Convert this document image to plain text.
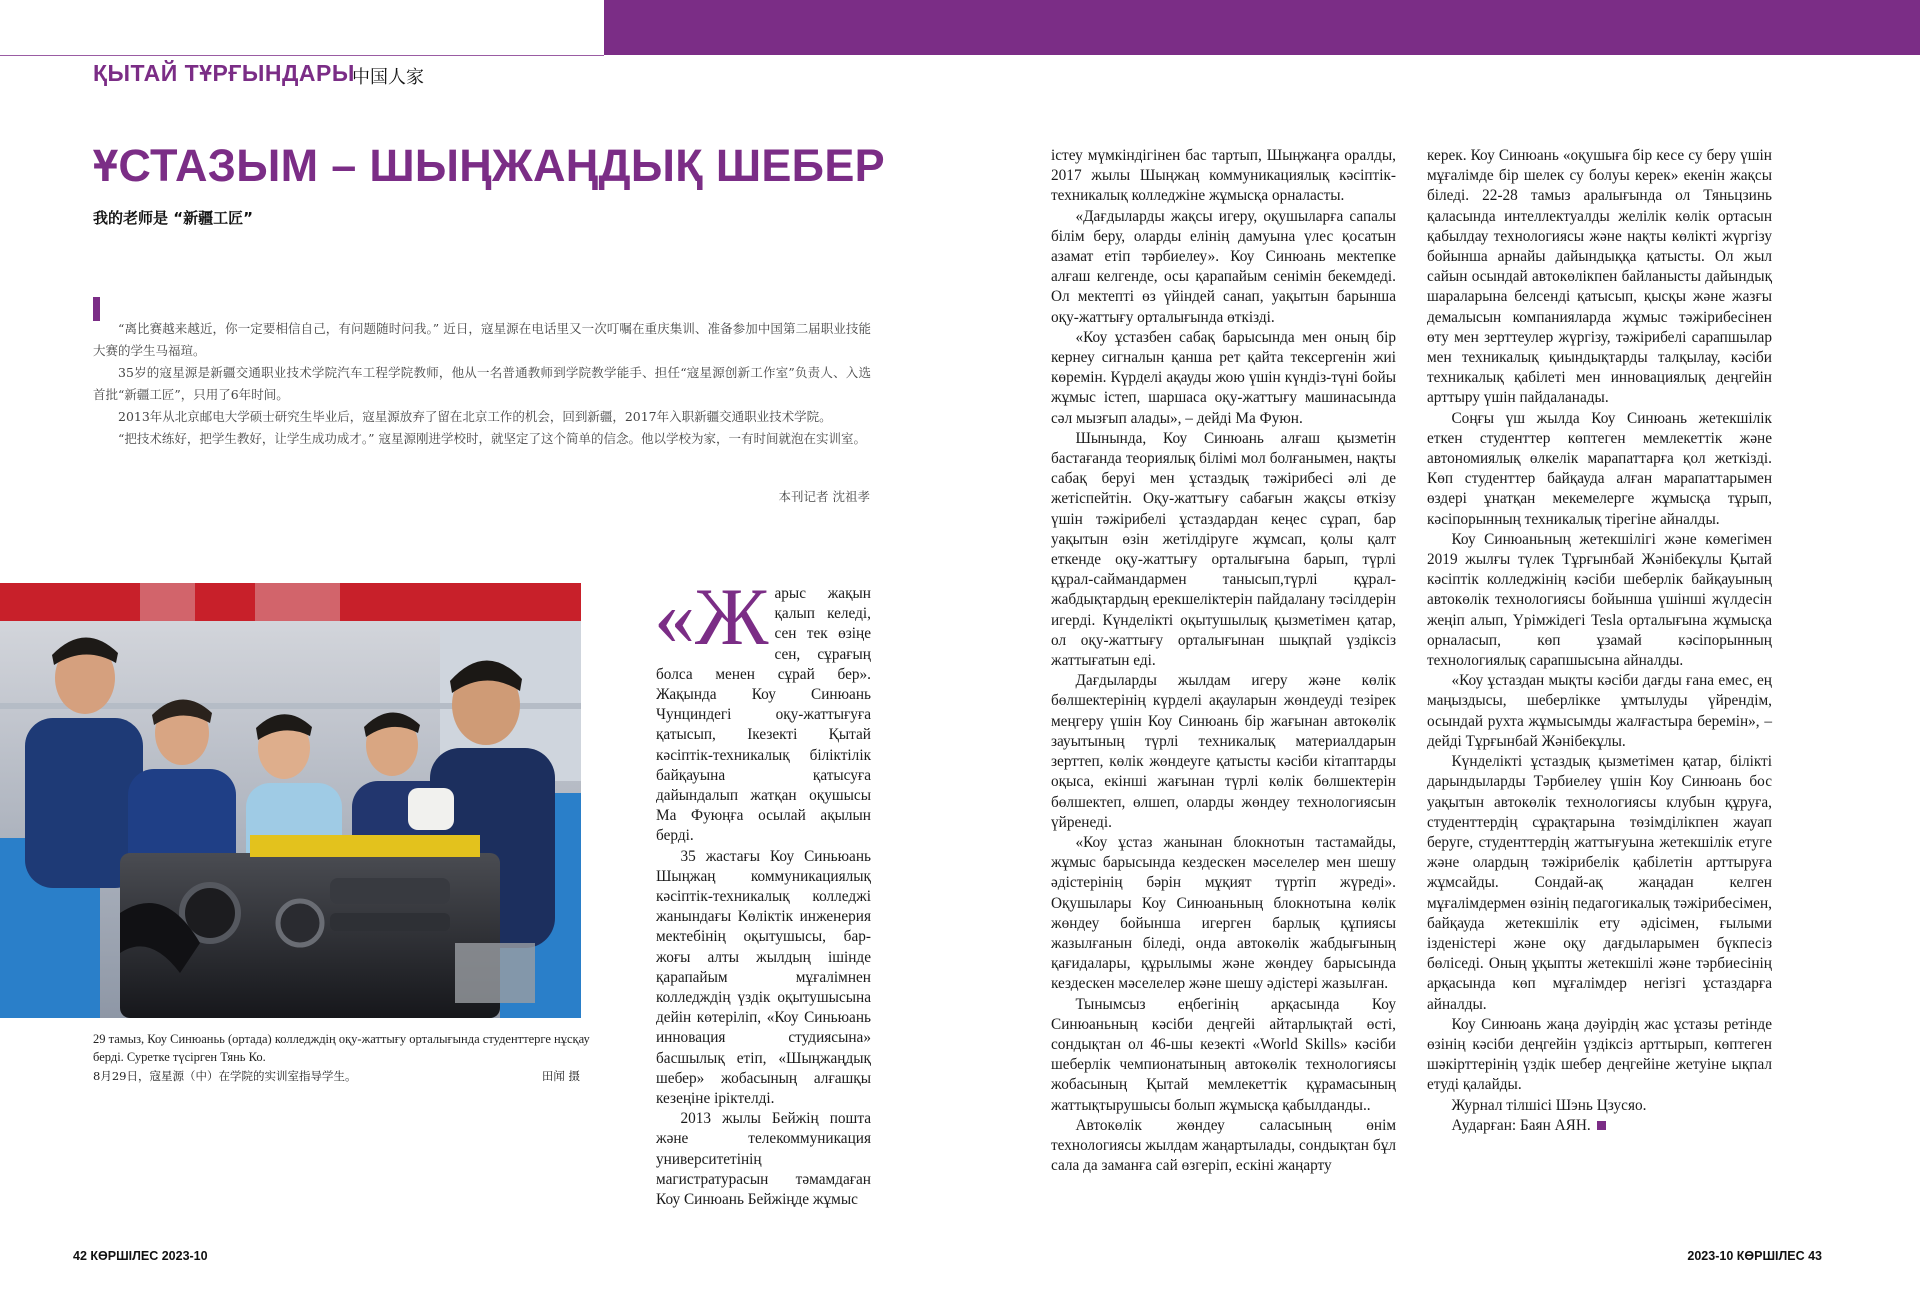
ҚЫТАЙ ТҰРҒЫНДАРЫ
中国人家
ҰСТАЗЫМ – ШЫҢЖАҢДЫҚ ШЕБЕР
我的老师是 “新疆工匠”

“离比赛越来越近，你一定要相信自己，有问题随时问我。” 近日，寇星源在电话里又一次叮嘱在重庆集训、准备参加中国第二届职业技能大赛的学生马福瑄。

35岁的寇星源是新疆交通职业技术学院汽车工程学院教师，他从一名普通教师到学院教学能手、担任“寇星源创新工作室”负责人、入选首批“新疆工匠”，只用了6年时间。

2013年从北京邮电大学硕士研究生毕业后，寇星源放弃了留在北京工作的机会，回到新疆，2017年入职新疆交通职业技术学院。

“把技术练好，把学生教好，让学生成功成才。” 寇星源刚进学校时，就坚定了这个简单的信念。他以学校为家，一有时间就泡在实训室。

本刊记者 沈祖孝
29 тамыз, Коу Синюаньь (ортада) колледждің оқу-жаттығу орталығында студенттерге нұсқау берді. Суретке түсірген Тянь Ко.
8月29日，寇星源（中）在学院的实训室指导学生。	田闻 摄
«Ж арыс жақын қалып келеді, сен тек өзіңе сен, сұрағың болса менен сұрай бер». Жақында Коу Синюань Чунциндегі оқу-жаттығуға қатысып, Ікезекті Қытай кәсіптік-техникалық біліктілік байқауына қатысуға дайындалып жатқан оқушысы Ма Фуюңға осылай ақылын берді.

35 жастағы Коу Синьюань Шыңжаң коммуникациялық кәсіптік-техникалық колледжі жанындағы Көліктік инженерия мектебінің оқытушысы, бар-жоғы алты жылдың ішінде қарапайым мұғалімнен колледждің үздік оқытушысына дейін көтеріліп, «Коу Синьюань инновация студиясына» басшылық етіп, «Шыңжаңдық шебер» жобасының алғашқы кезеңіне іріктелді.

2013 жылы Бейжің пошта және телекоммуникация университетінің магистратурасын тәмамдаған Коу Синюань Бейжіңде жұмыс

істеу мүмкіндігінен бас тартып, Шыңжаңға оралды, 2017 жылы Шыңжаң коммуникациялық кәсіптік-техникалық колледжіне жұмысқа орналасты.

«Дағдыларды жақсы игеру, оқушыларға сапалы білім беру, оларды елінің дамуына үлес қосатын азамат етіп тәрбиелеу». Коу Синюань мектепке алғаш келгенде, осы қарапайым сенімін бекемдеді. Ол мектепті өз үйіндей санап, уақытын барынша оқу-жаттығу орталығында өткізді.

«Коу ұстазбен сабақ барысында мен оның бір кернеу сигналын қанша рет қайта тексергенін жиі көремін. Күрделі ақауды жою үшін күндіз-түні бойы жұмыс істеп, шаршаса оқу-жаттығу машинасында сәл мызғып алады», – дейді Ма Фуюн.

Шынында, Коу Синюань алғаш қызметін бастағанда теориялық білімі мол болғанымен, нақты сабақ беруі мен ұстаздық тәжірибесі әлі де жетіспейтін. Оқу-жаттығу сабағын жақсы өткізу үшін тәжірибелі ұстаздардан кеңес сұрап, бар уақытын өзін жетілдіруге жұмсап, қолы қалт еткенде оқу-жаттығу орталығына барып, түрлі құрал-саймандармен танысып,түрлі құрал-жабдықтардың ерекшеліктерін пайдалану тәсілдерін игерді. Күнделікті оқытушылық қызметімен қатар, ол оқу-жаттығу орталығынан шықпай үздіксіз жаттығатын еді.

Дағдыларды жылдам игеру және көлік бөлшектерінің күрделі ақауларын жөндеуді тезірек меңгеру үшін Коу Синюань бір жағынан автокөлік зауытының түрлі техникалық материалдарын зерттеп, көлік жөндеуге қатысты кәсіби кітаптарды оқыса, екінші жағынан түрлі көлік бөлшектерін бөлшектеп, өлшеп, оларды жөндеу технологиясын үйренеді.

«Коу ұстаз жанынан блокнотын тастамайды, жұмыс барысында кездескен мәселелер мен шешу әдістерінің бәрін мұқият түртіп жүреді». Оқушылары Коу Синюаньның блокнотына көлік жөндеу бойынша игерген барлық құпиясы жазылғанын біледі, онда автокөлік жабдығының қағидалары, құрылымы және жөндеу барысында кездескен мәселелер және шешу әдістері жазылған.

Тынымсыз еңбегінің арқасында Коу Синюаньның кәсіби деңгейі айтарлықтай өсті, сондықтан ол 46-шы кезекті «World Skills» кәсіби шеберлік чемпионатының автокөлік технологиясы жобасының Қытай мемлекеттік құрамасының жаттықтырушысы болып жұмысқа қабылданды..

Автокөлік жөндеу саласының өнім технологиясы жылдам жаңартылады, сондықтан бұл сала да заманға сай өзгеріп, ескіні жаңарту

керек. Коу Синюань «оқушыға бір кесе су беру үшін мұғалімде бір шелек су болуы керек» екенін жақсы біледі. 22-28 тамыз аралығында ол Тяньцзинь қаласында интеллектуалды желілік көлік ортасын қабылдау технологиясы және нақты көлікті жүргізу бойынша арнайы дайындыққа қатысты. Ол жыл сайын осындай автокөлікпен байланысты дайындық шараларына белсенді қатысып, қысқы және жазғы демалысын компанияларда жұмыс тәжірибесінен өту мен зерттеулер жүргізу, тәжірибелі сарапшылар мен техникалық қиындықтарды талқылау, кәсіби техникалық қабілеті мен инновациялық деңгейін арттыру үшін пайдаланады.

Соңғы үш жылда Коу Синюань жетекшілік еткен студенттер көптеген мемлекеттік және автономиялық өлкелік марапаттарға қол жеткізді. Көп студенттер байқауда алған марапаттарымен өздері ұнатқан мекемелерге жұмысқа тұрып, кәсіпорынның техникалық тірегіне айналды.

Коу Синюаньның жетекшілігі және көмегімен 2019 жылғы түлек Тұрғынбай Жәнібекұлы Қытай кәсіптік колледжінің кәсіби шеберлік байқауының автокөлік технологиясы бойынша үшінші жүлдесін жеңіп алып, Үрімжідегі Tesla орталығына жұмысқа орналасып, көп ұзамай кәсіпорынның технологиялық сарапшысына айналды.

«Коу ұстаздан мықты кәсіби дағды ғана емес, ең маңыздысы, шеберлікке ұмтылуды үйрендім, осындай рухта жұмысымды жалғастыра беремін», – дейді Тұрғынбай Жәнібекұлы.

Күнделікті ұстаздық қызметімен қатар, білікті дарындыларды Тәрбиелеу үшін Коу Синюань бос уақытын автокөлік технологиясы клубын құруға, студенттердің сұрақтарына төзімділікпен жауап беруге, студенттердің жаттығуына жетекшілік етуге және олардың тәжірибелік қабілетін арттыруға жұмсайды. Сондай-ақ жаңадан келген мұғалімдермен өзінің педагогикалық тәжірибесімен, байқауда жетекшілік ету әдісімен, ғылыми ізденістері және оқу дағдыларымен бүкпесіз бөліседі. Оның ұқыпты жетекшілі және тәрбиесінің арқасында көп мұғалімдер негізгі ұстаздарға айналды.

Коу Синюань жаңа дәуірдің жас ұстазы ретінде өзінің кәсіби деңгейін үздіксіз арттырып, көптеген шәкірттерінің үздік шебер деңгейіне жетуіне ықпал етуді қалайды.

Журнал тілшісі Шэнь Цзусяо.
Аударған: Баян АЯН.
42 КӨРШІЛЕС 2023-10	2023-10 КӨРШІЛЕС 43
